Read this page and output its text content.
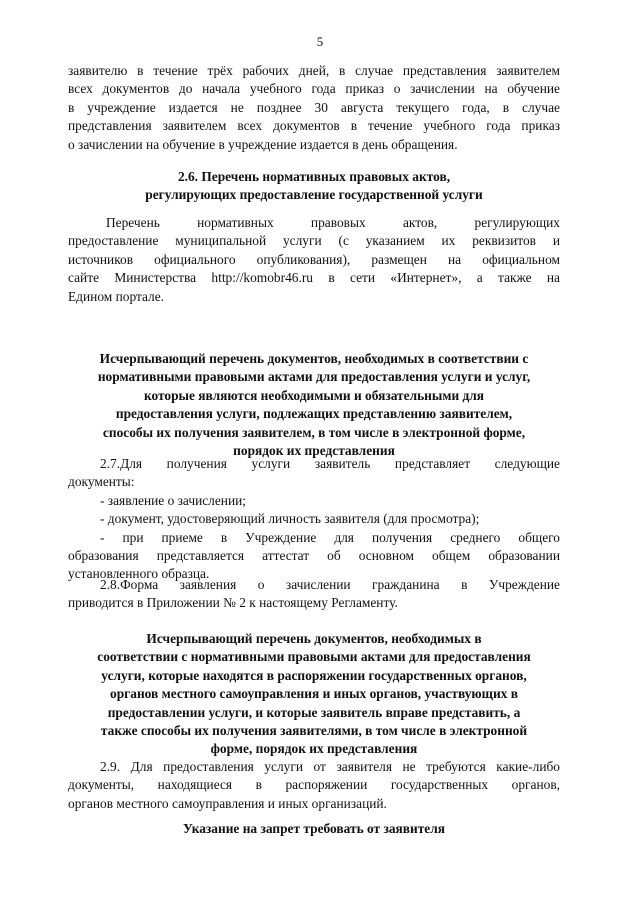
5
заявителю в течение трёх рабочих дней, в случае представления заявителем
всех документов до начала учебного года приказ о зачислении на обучение
в учреждение издается не позднее 30 августа текущего года, в случае
представления заявителем всех документов в течение учебного года приказ
о зачислении на обучение в учреждение издается в день обращения.
2.6. Перечень нормативных правовых актов,
регулирующих предоставление государственной услуги
Перечень нормативных правовых актов, регулирующих
предоставление муниципальной услуги (с указанием их реквизитов и
источников официального опубликования), размещен на официальном
сайте Министерства http://komobr46.ru в сети «Интернет», а также на
Едином портале.
Исчерпывающий перечень документов, необходимых в соответствии с
нормативными правовыми актами для предоставления услуги и услуг,
которые являются необходимыми и обязательными для
предоставления услуги, подлежащих представлению заявителем,
способы их получения заявителем, в том числе в электронной форме,
порядок их представления
2.7.Для получения услуги заявитель представляет следующие
документы:
- заявление о зачислении;
- документ, удостоверяющий личность заявителя (для просмотра);
- при приеме в Учреждение для получения среднего общего
образования представляется аттестат об основном общем образовании
установленного образца.
2.8.Форма заявления о зачислении гражданина в Учреждение
приводится в Приложении № 2 к настоящему Регламенту.
Исчерпывающий перечень документов, необходимых в
соответствии с нормативными правовыми актами для предоставления
услуги, которые находятся в распоряжении государственных органов,
органов местного самоуправления и иных органов, участвующих в
предоставлении услуги, и которые заявитель вправе представить, а
также способы их получения заявителями, в том числе в электронной
форме, порядок их представления
2.9. Для предоставления услуги от заявителя не требуются какие-либо
документы, находящиеся в распоряжении государственных органов,
органов местного самоуправления и иных организаций.
Указание на запрет требовать от заявителя
